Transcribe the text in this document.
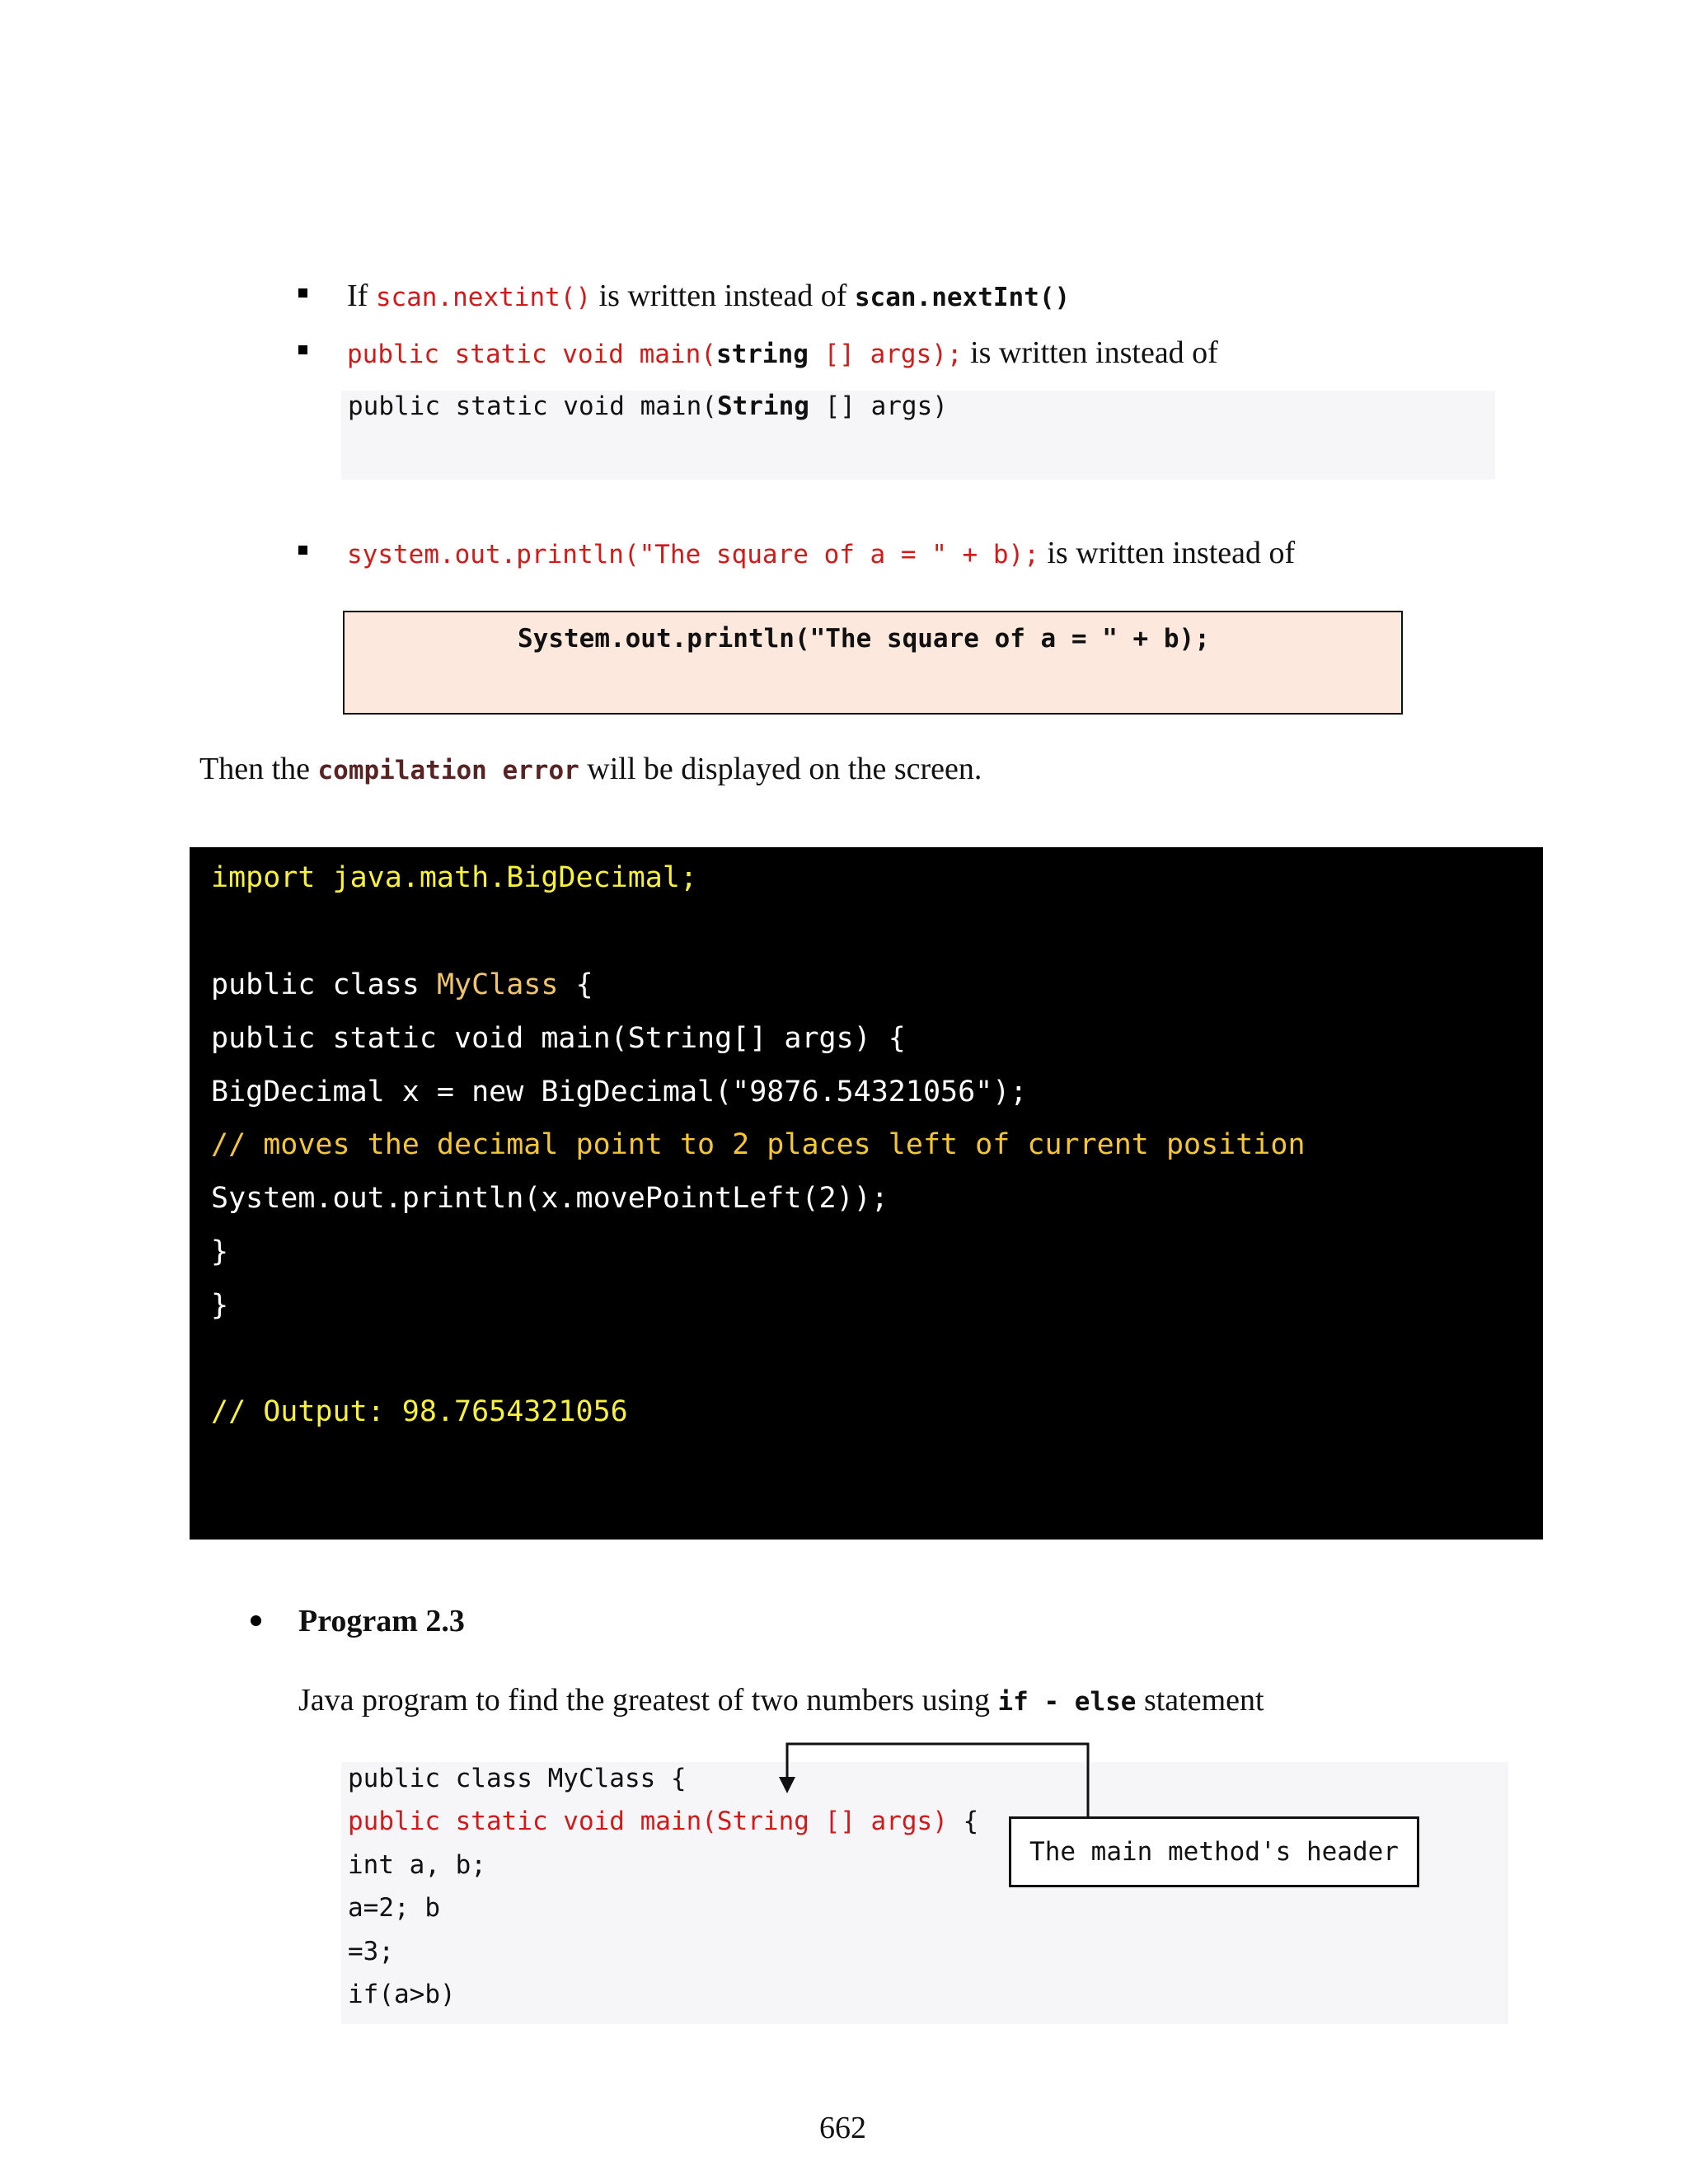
If scan.nextint() is written instead of scan.nextInt()
public static void main(string [] args); is written instead of
public static void main(String [] args)
system.out.println("The square of a = " + b); is written instead of
System.out.println("The square of a = " + b);
Then the compilation error will be displayed on the screen.
import java.math.BigDecimal;
public class MyClass {
public static void main(String[] args) {
BigDecimal x = new BigDecimal("9876.54321056");
// moves the decimal point to 2 places left of current position
System.out.println(x.movePointLeft(2));
}
}
// Output: 98.7654321056
Program 2.3
Java program to find the greatest of two numbers using if - else statement
public class MyClass {
public static void main(String [] args) {
int a, b;
a=2; b
=3;
if(a>b)
The main method's header
662
